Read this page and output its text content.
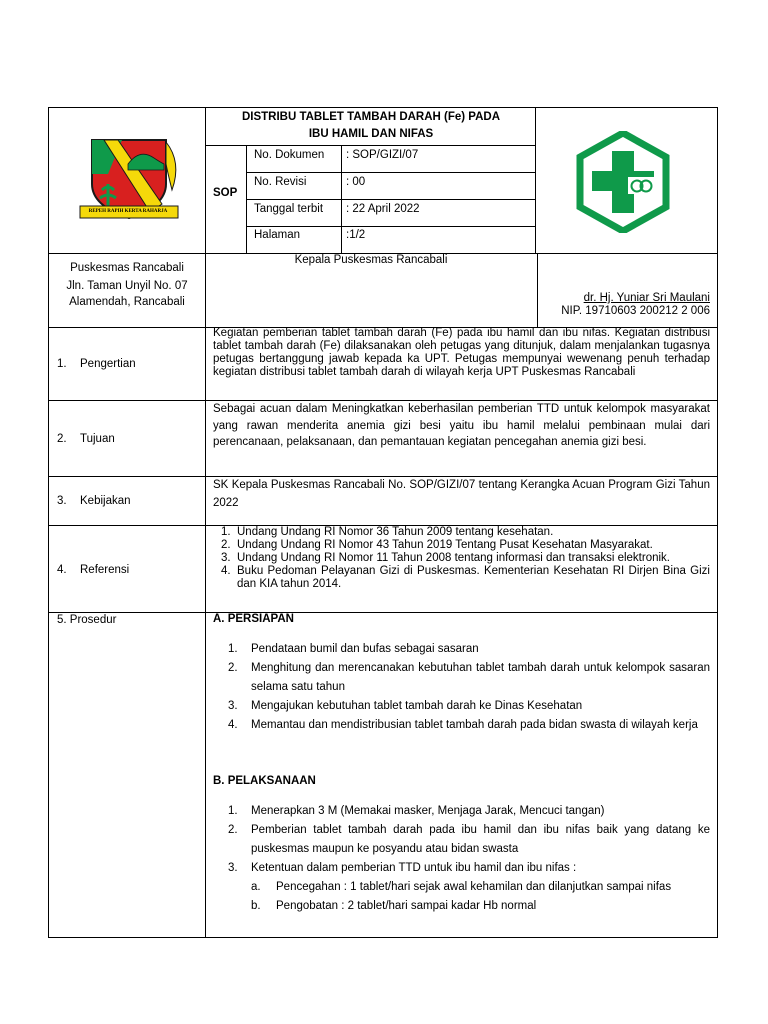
REPEH RAPIH KERTA RAHARJA
DISTRIBU TABLET TAMBAH DARAH (Fe) PADA
IBU HAMIL DAN NIFAS
SOP
No. Dokumen : SOP/GIZI/07
No. Revisi	: 00
Tanggal terbit : 22 April 2022
Halaman	:1/2
Puskesmas Rancabali
Jln. Taman Unyil No. 07
Alamendah, Rancabali
Kepala Puskesmas Rancabali
dr. Hj. Yuniar Sri Maulani
NIP. 19710603 200212 2 006
1. Pengertian
Kegiatan pemberian tablet tambah darah (Fe) pada ibu hamil dan ibu nifas. Kegiatan distribusi tablet tambah darah (Fe) dilaksanakan oleh petugas yang ditunjuk, dalam menjalankan tugasnya petugas bertanggung jawab kepada ka UPT. Petugas mempunyai wewenang penuh terhadap kegiatan distribusi tablet tambah darah di wilayah kerja UPT Puskesmas Rancabali
2. Tujuan
Sebagai acuan dalam Meningkatkan keberhasilan pemberian TTD untuk kelompok masyarakat yang rawan menderita anemia gizi besi yaitu ibu hamil melalui pembinaan mulai dari perencanaan, pelaksanaan, dan pemantauan kegiatan pencegahan anemia gizi besi.
3. Kebijakan
SK Kepala Puskesmas Rancabali No. SOP/GIZI/07 tentang Kerangka Acuan Program Gizi Tahun 2022
4. Referensi
1. Undang Undang RI Nomor 36 Tahun 2009 tentang kesehatan.
2. Undang Undang RI Nomor 43 Tahun 2019 Tentang Pusat Kesehatan Masyarakat.
3. Undang Undang RI Nomor 11 Tahun 2008 tentang informasi dan transaksi elektronik.
4. Buku Pedoman Pelayanan Gizi di Puskesmas. Kementerian Kesehatan RI Dirjen Bina Gizi dan KIA tahun 2014.
5. Prosedur	A. PERSIAPAN
1. Pendataan bumil dan bufas sebagai sasaran
2. Menghitung dan merencanakan kebutuhan tablet tambah darah untuk kelompok sasaran selama satu tahun
3. Mengajukan kebutuhan tablet tambah darah ke Dinas Kesehatan
4. Memantau dan mendistribusian tablet tambah darah pada bidan swasta di wilayah kerja
B. PELAKSANAAN
1. Menerapkan 3 M (Memakai masker, Menjaga Jarak, Mencuci tangan)
2. Pemberian tablet tambah darah pada ibu hamil dan ibu nifas baik yang datang ke puskesmas maupun ke posyandu atau bidan swasta
3. Ketentuan dalam pemberian TTD untuk ibu hamil dan ibu nifas :
a. Pencegahan : 1 tablet/hari sejak awal kehamilan dan dilanjutkan sampai nifas
b. Pengobatan : 2 tablet/hari sampai kadar Hb normal
